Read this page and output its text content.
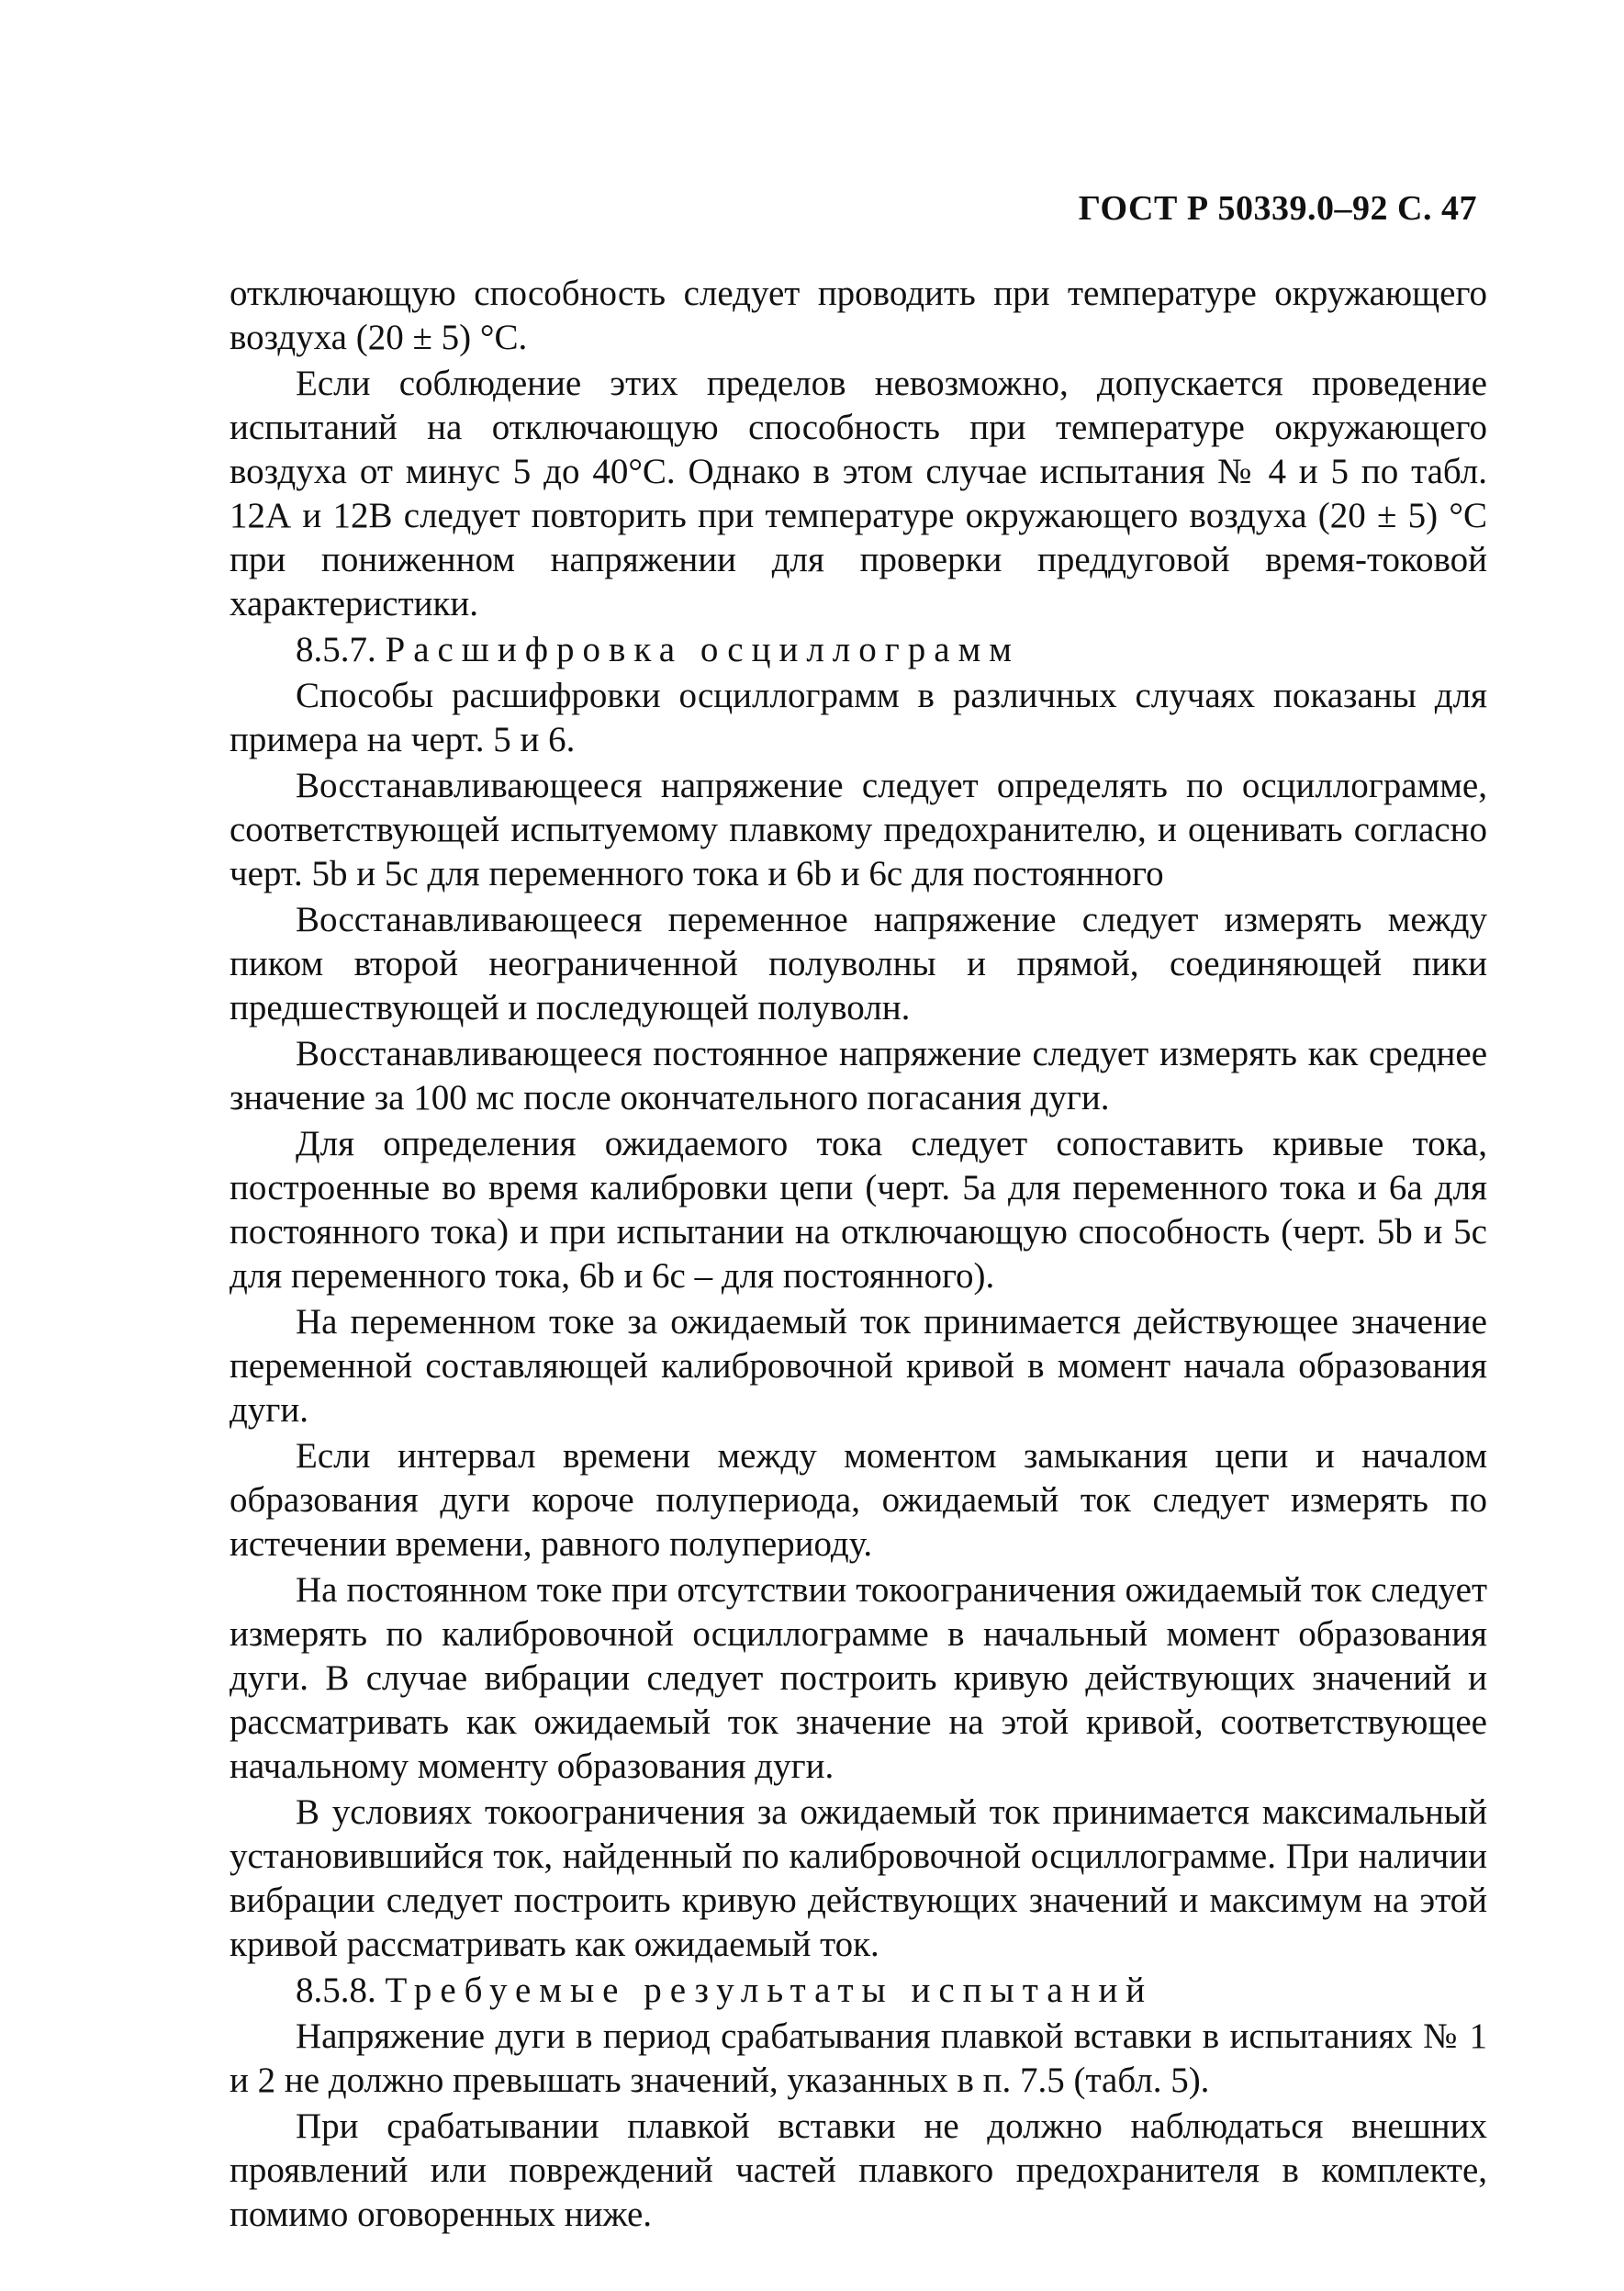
ГОСТ Р 50339.0–92 С. 47

отключающую способность следует проводить при температуре окружающего воздуха (20 ± 5) °С.

Если соблюдение этих пределов невозможно, допускается проведение испытаний на отключающую способность при температуре окружающего воздуха от минус 5 до 40°С. Однако в этом случае испытания № 4 и 5 по табл. 12А и 12В следует повторить при температуре окружающего воздуха (20 ± 5) °С при пониженном напряжении для проверки преддуговой время-токовой характеристики.

8.5.7. Расшифровка осциллограмм

Способы расшифровки осциллограмм в различных случаях показаны для примера на черт. 5 и 6.

Восстанавливающееся напряжение следует определять по осциллограмме, соответствующей испытуемому плавкому предохранителю, и оценивать согласно черт. 5b и 5c для переменного тока и 6b и 6c для постоянного

Восстанавливающееся переменное напряжение следует измерять между пиком второй неограниченной полуволны и прямой, соединяющей пики предшествующей и последующей полуволн.

Восстанавливающееся постоянное напряжение следует измерять как среднее значение за 100 мс после окончательного погасания дуги.

Для определения ожидаемого тока следует сопоставить кривые тока, построенные во время калибровки цепи (черт. 5а для переменного тока и 6а для постоянного тока) и при испытании на отключающую способность (черт. 5b и 5c для переменного тока, 6b и 6c – для постоянного).

На переменном токе за ожидаемый ток принимается действующее значение переменной составляющей калибровочной кривой в момент начала образования дуги.

Если интервал времени между моментом замыкания цепи и началом образования дуги короче полупериода, ожидаемый ток следует измерять по истечении времени, равного полупериоду.

На постоянном токе при отсутствии токоограничения ожидаемый ток следует измерять по калибровочной осциллограмме в начальный момент образования дуги. В случае вибрации следует построить кривую действующих значений и рассматривать как ожидаемый ток значение на этой кривой, соответствующее начальному моменту образования дуги.

В условиях токоограничения за ожидаемый ток принимается максимальный установившийся ток, найденный по калибровочной осциллограмме. При наличии вибрации следует построить кривую действующих значений и максимум на этой кривой рассматривать как ожидаемый ток.

8.5.8. Требуемые результаты испытаний

Напряжение дуги в период срабатывания плавкой вставки в испытаниях № 1 и 2 не должно превышать значений, указанных в п. 7.5 (табл. 5).

При срабатывании плавкой вставки не должно наблюдаться внешних проявлений или повреждений частей плавкого предохранителя в комплекте, помимо оговоренных ниже.
